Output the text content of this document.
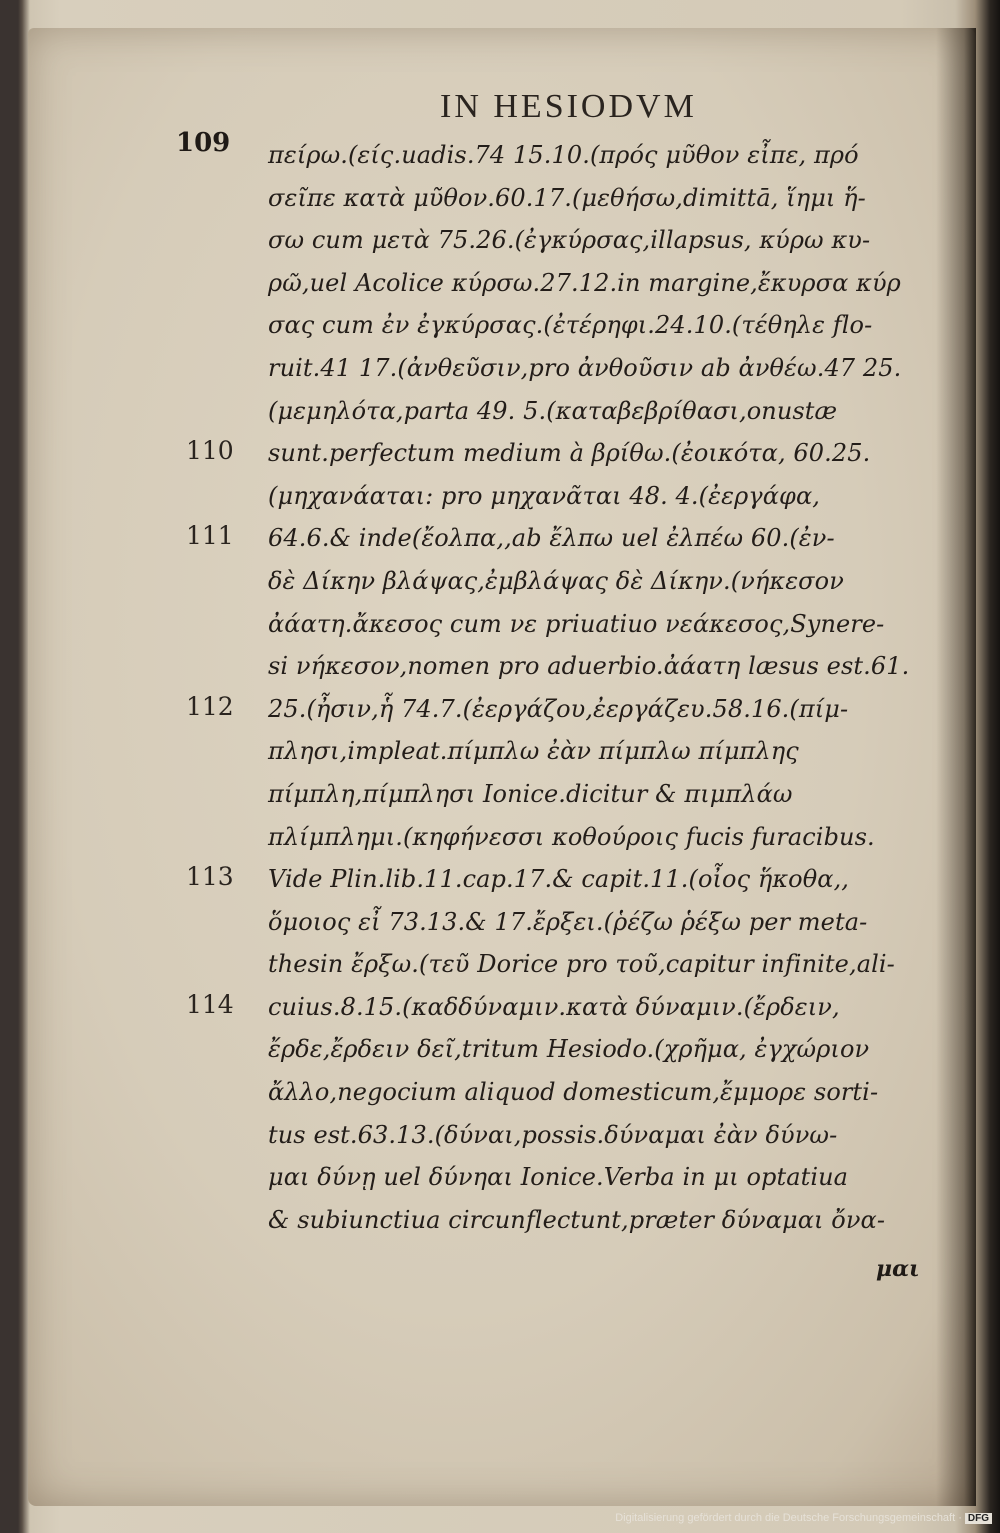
IN HESIODVM
109
110
111
112
113
114
πείρω.(είς.uadis.74 15.10.(πρός μῦθον εἶπε, πρό
σεῖπε κατὰ μῦθον.60.17.(μεθήσω,dimittā, ἵημι ἥ-
σω cum μετὰ 75.26.(ἐγκύρσας,illapsus, κύρω κυ-
ρῶ,uel Acolice κύρσω.27.12.in margine,ἔκυρσα κύρ
σας cum ἐν ἐγκύρσας.(ἐτέρηφι.24.10.(τέθηλε flo-
ruit.41 17.(ἀνθεῦσιν,pro ἀνθοῦσιν ab ἀνθέω.47 25.
(μεμηλότα,parta 49. 5.(καταβεβρίθασι,onustæ
sunt.perfectum medium à βρίθω.(ἐοικότα, 60.25.
(μηχανάαται: pro μηχανᾶται 48. 4.(ἐεργάφα,
64.6.& inde(ἔολπα,,ab ἔλπω uel ἐλπέω 60.(ἐν-
δὲ Δίκην βλάψας,ἐμβλάψας δὲ Δίκην.(νήκεσον
ἀάατη.ἄκεσος cum νε priuatiuo νεάκεσος,Synere-
si νήκεσον,nomen pro aduerbio.ἀάατη læsus est.61.
25.(ἦσιν,ἧ 74.7.(ἐεργάζου,ἐεργάζευ.58.16.(πίμ-
πλησι,impleat.πίμπλω ἐὰν πίμπλω πίμπλης
πίμπλη,πίμπλησι Ionice.dicitur & πιμπλάω
πλίμπλημι.(κηφήνεσσι κοθούροις fucis furacibus.
Vide Plin.lib.11.cap.17.& capit.11.(οἶος ἥκοθα,,
ὅμοιος εἶ 73.13.& 17.ἔρξει.(ῥέζω ῥέξω per meta-
thesin ἔρξω.(τεῦ Dorice pro τοῦ,capitur infinite,ali-
cuius.8.15.(καδδύναμιν.κατὰ δύναμιν.(ἔρδειν,
ἔρδε,ἔρδειν δεῖ,tritum Hesiodo.(χρῆμα, ἐγχώριον
ἄλλο,negocium aliquod domesticum,ἔμμορε sorti-
tus est.63.13.(δύναι,possis.δύναμαι ἐὰν δύνω-
μαι δύνῃ uel δύνηαι Ionice.Verba in μι optatiua
& subiunctiua circunflectunt,præter δύναμαι ὄνα-
μαι
Digitalisierung gefördert durch die Deutsche Forschungsgemeinschaft · DFG
